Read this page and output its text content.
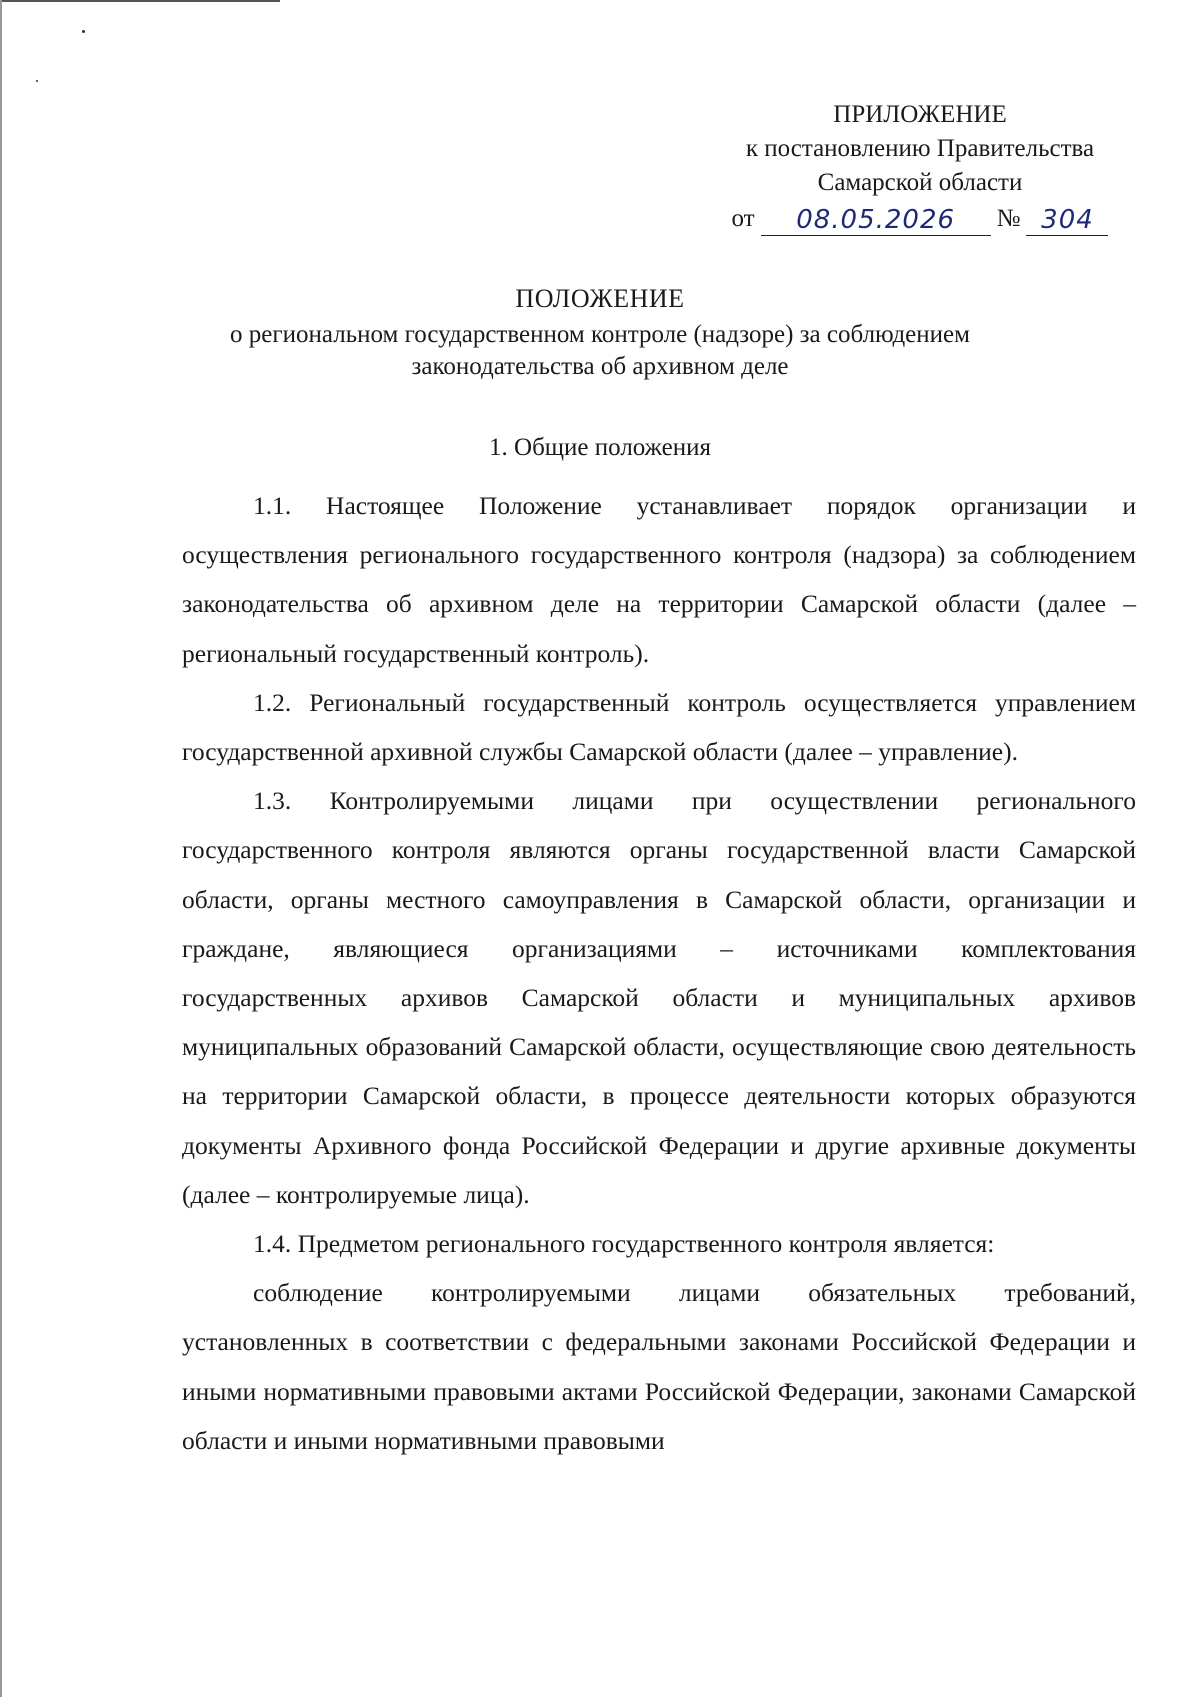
ПРИЛОЖЕНИЕ
к постановлению Правительства
Самарской области
от	08.05.2026	№ 304
ПОЛОЖЕНИЕ
о региональном государственном контроле (надзоре) за соблюдением
законодательства об архивном деле
1. Общие положения

1.1. Настоящее Положение устанавливает порядок организации и осуществления регионального государственного контроля (надзора) за соблюдением законодательства об архивном деле на территории Самарской области (далее – региональный государственный контроль).

1.2. Региональный государственный контроль осуществляется управлением государственной архивной службы Самарской области (далее – управление).

1.3. Контролируемыми лицами при осуществлении регионального государственного контроля являются органы государственной власти Самарской области, органы местного самоуправления в Самарской области, организации и граждане, являющиеся организациями – источниками комплектования государственных архивов Самарской области и муниципальных архивов муниципальных образований Самарской области, осуществляющие свою деятельность на территории Самарской области, в процессе деятельности которых образуются документы Архивного фонда Российской Федерации и другие архивные документы (далее – контролируемые лица).

1.4. Предметом регионального государственного контроля является:

соблюдение контролируемыми лицами обязательных требований, установленных в соответствии с федеральными законами Российской Федерации и иными нормативными правовыми актами Российской Федерации, законами Самарской области и иными нормативными правовыми
